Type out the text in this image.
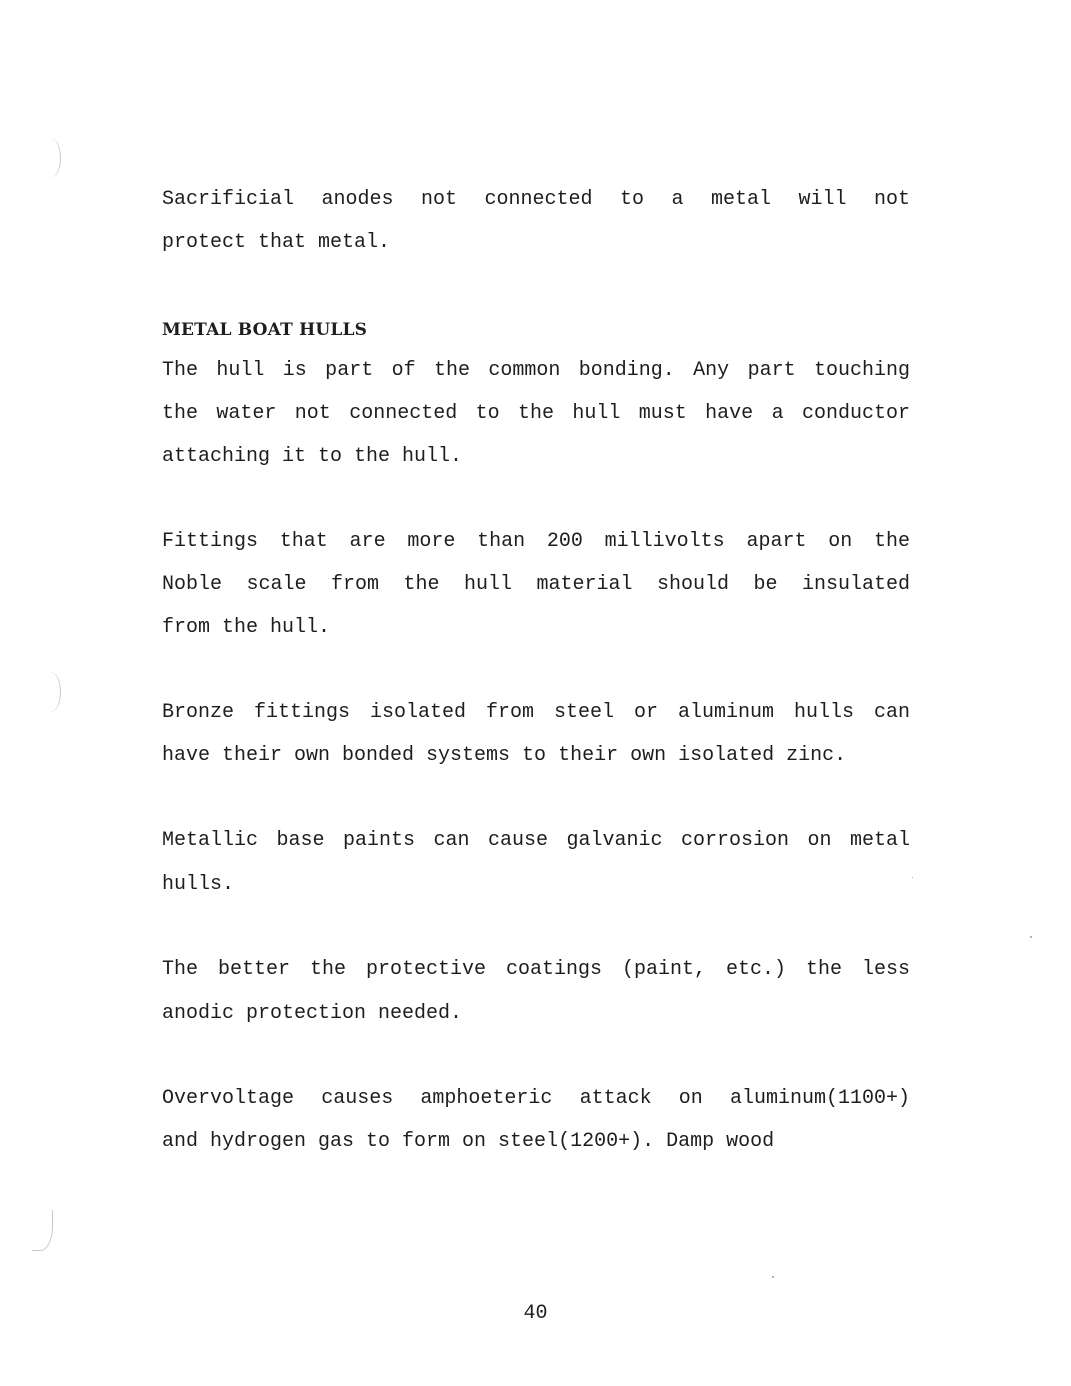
Sacrificial anodes not connected to a metal will not
protect that metal.
METAL BOAT HULLS
The hull is part of the common bonding. Any part touching
the water not connected to the hull must have a conductor
attaching it to the hull.
Fittings that are more than 200 millivolts apart on the
Noble scale from the hull material should be insulated
from the hull.
Bronze fittings isolated from steel or aluminum hulls can
have their own bonded systems to their own isolated zinc.
Metallic base paints can cause galvanic corrosion on metal
hulls.
The better the protective coatings (paint, etc.) the less
anodic protection needed.
Overvoltage causes amphoeteric attack on aluminum(1100+)
and hydrogen gas to form on steel(1200+). Damp wood
40
